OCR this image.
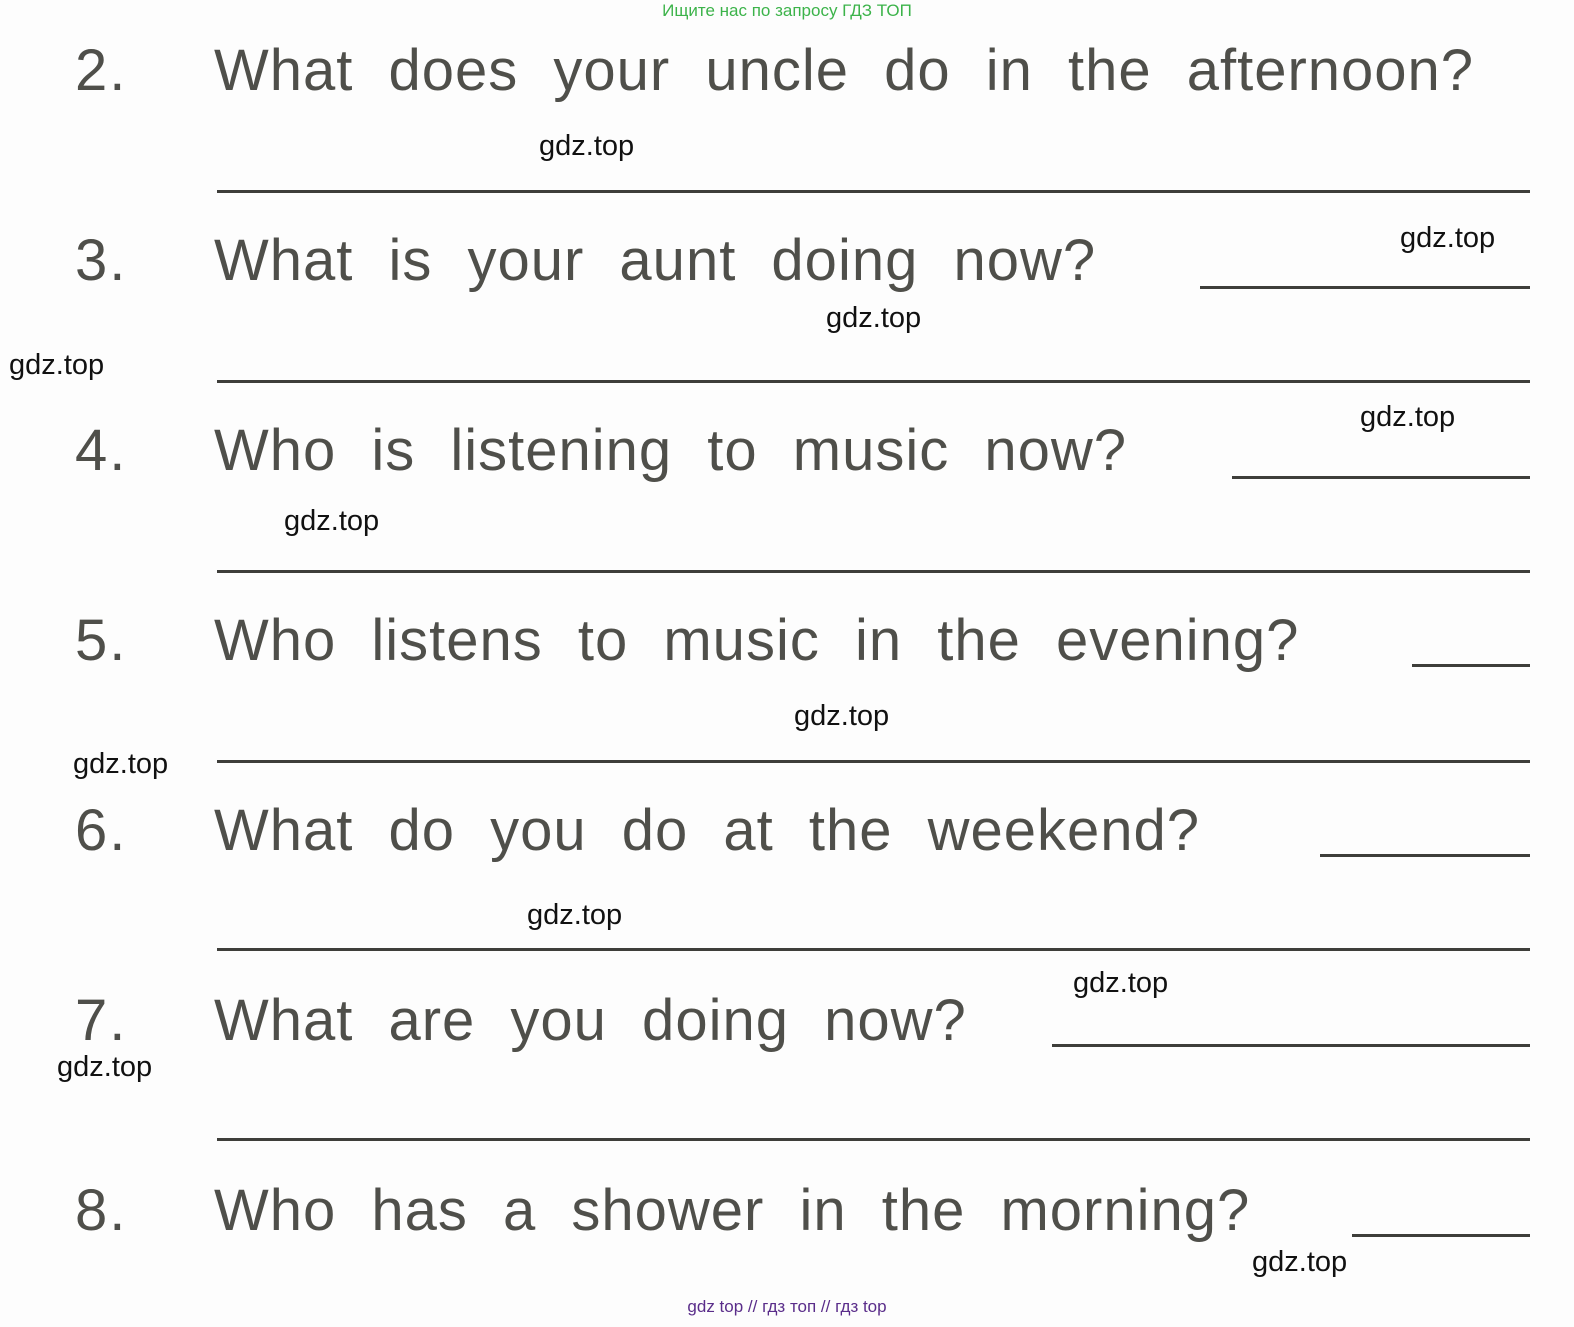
Ищите нас по запросу ГДЗ ТОП
2. What does your uncle do in the afternoon?
3. What is your aunt doing now?
4. Who is listening to music now?
5. Who listens to music in the evening?
6. What do you do at the weekend?
7. What are you doing now?
8. Who has a shower in the morning?
gdz.top
gdz.top
gdz.top
gdz.top
gdz.top
gdz.top
gdz.top
gdz.top
gdz.top
gdz.top
gdz.top
gdz.top
gdz top // гдз топ // гдз top
